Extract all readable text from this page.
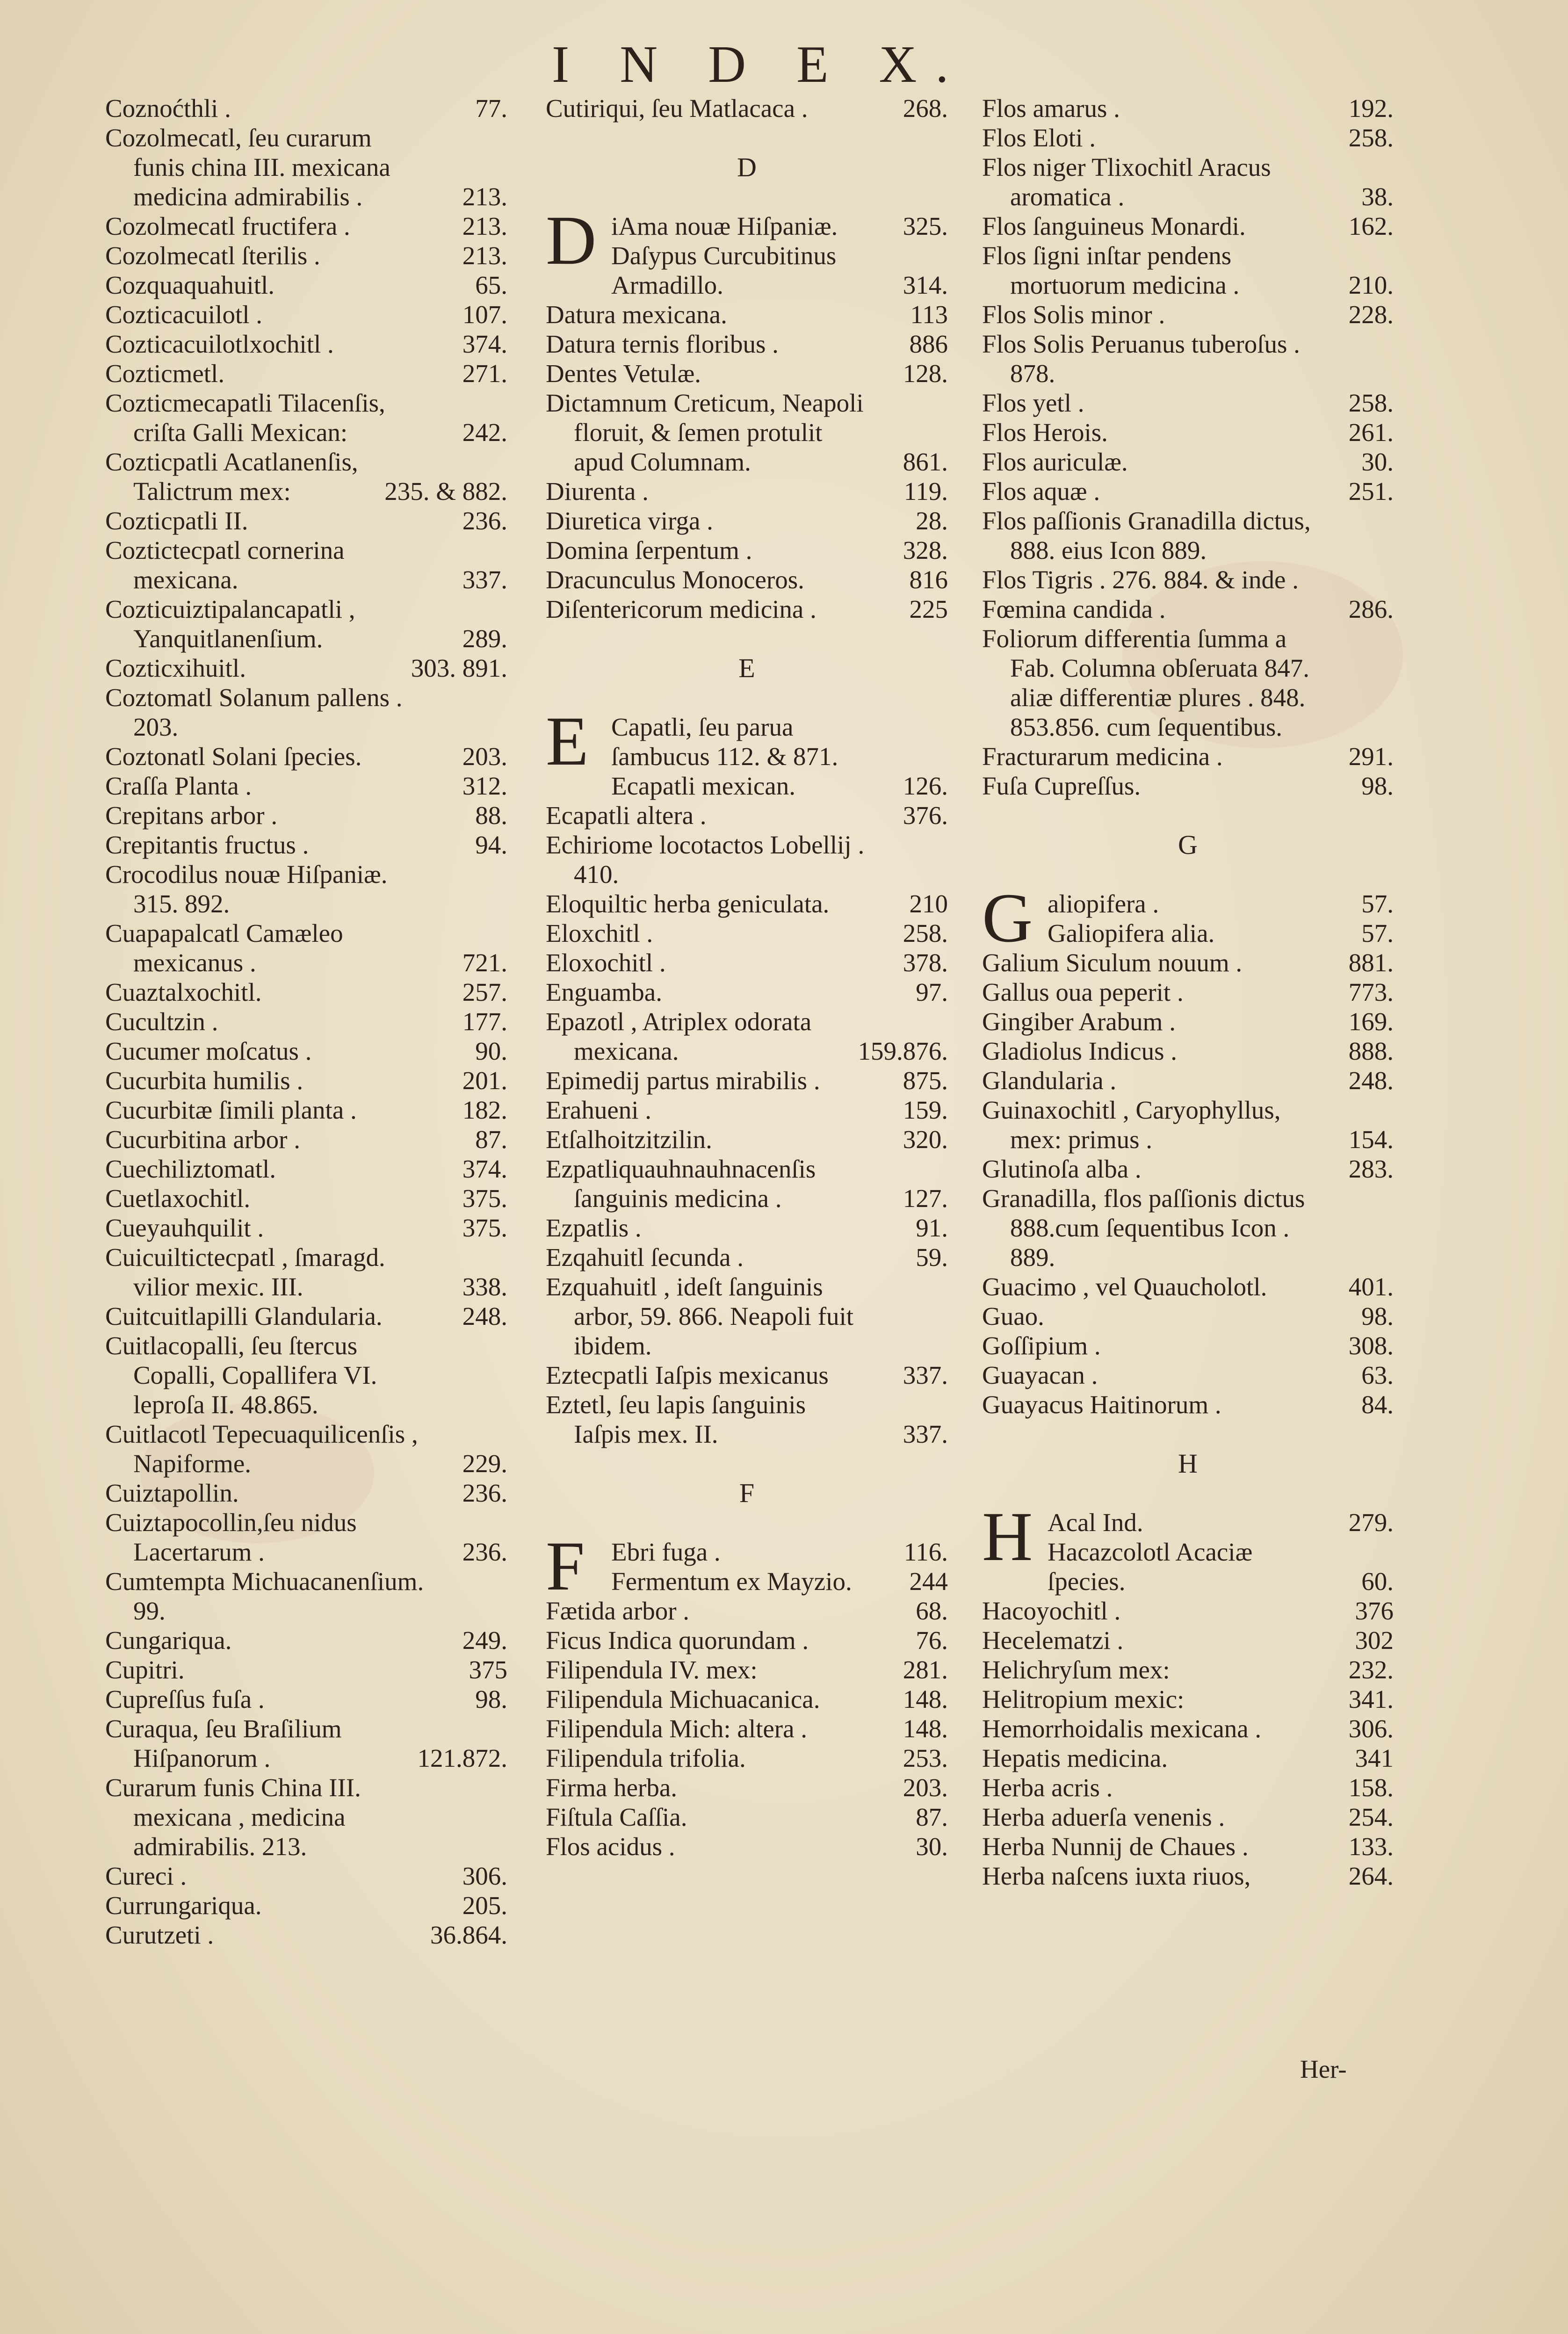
I N D E X.
Coznoćthli .	77.
Cozolmecatl, ſeu curarum funis china III. mexicana medicina admirabilis .	213.
Cozolmecatl fructifera .	213.
Cozolmecatl ſterilis .	213.
Cozquaquahuitl.	65.
Cozticacuilotl .	107.
Cozticacuilotlxochitl .	374.
Cozticmetl.	271.
Cozticmecapatli Tilacenſis, criſta Galli Mexican:	242.
Cozticpatli Acatlanenſis, Talictrum mex:	235. & 882.
Cozticpatli II.	236.
Coztictecpatl cornerina mexicana.	337.
Cozticuiztipalancapatli , Yanquitlanenſium.	289.
Cozticxihuitl.	303. 891.
Coztomatl Solanum pallens . 203.
Coztonatl Solani ſpecies.	203.
Craſſa Planta .	312.
Crepitans arbor .	88.
Crepitantis fructus .	94.
Crocodilus nouæ Hiſpaniæ. 315. 892.
Cuapapalcatl Camæleo mexicanus .	721.
Cuaztalxochitl.	257.
Cucultzin .	177.
Cucumer moſcatus .	90.
Cucurbita humilis .	201.
Cucurbitæ ſimili planta .	182.
Cucurbitina arbor .	87.
Cuechiliztomatl.	374.
Cuetlaxochitl.	375.
Cueyauhquilit .	375.
Cuicuiltictecpatl , ſmaragd. vilior mexic. III.	338.
Cuitcuitlapilli Glandularia.	248.
Cuitlacopalli, ſeu ſtercus Copalli, Copallifera VI. leproſa II. 48.865.
Cuitlacotl Tepecuaquilicenſis , Napiforme.	229.
Cuiztapollin.	236.
Cuiztapocollin,ſeu nidus Lacertarum .	236.
Cumtempta Michuacanenſium. 99.
Cungariqua.	249.
Cupitri.	375
Cupreſſus fuſa .	98.
Curaqua, ſeu Braſilium Hiſpanorum .	121.872.
Curarum funis China III. mexicana , medicina admirabilis. 213.
Cureci .	306.
Currungariqua.	205.
Curutzeti .	36.864.
Cutiriqui, ſeu Matlacaca .	268.
D
D iAma nouæ Hiſpaniæ.	325.
Daſypus Curcubitinus Armadillo.	314.
Datura mexicana.	113
Datura ternis floribus .	886
Dentes Vetulæ.	128.
Dictamnum Creticum, Neapoli floruit, & ſemen protulit apud Columnam.	861.
Diurenta .	119.
Diuretica virga .	28.
Domina ſerpentum .	328.
Dracunculus Monoceros.	816
Diſentericorum medicina .	225
E
E Capatli, ſeu parua ſambucus 112. & 871.
Ecapatli mexican.	126.
Ecapatli altera .	376.
Echiriome locotactos Lobellij . 410.
Eloquiltic herba geniculata.	210
Eloxchitl .	258.
Eloxochitl .	378.
Enguamba.	97.
Epazotl , Atriplex odorata mexicana.	159.876.
Epimedij partus mirabilis .	875.
Erahueni .	159.
Etſalhoitzitzilin.	320.
Ezpatliquauhnauhnacenſis ſanguinis medicina .	127.
Ezpatlis .	91.
Ezqahuitl ſecunda .	59.
Ezquahuitl , ideſt ſanguinis arbor, 59. 866. Neapoli fuit ibidem.
Eztecpatli Iaſpis mexicanus	337.
Eztetl, ſeu lapis ſanguinis Iaſpis mex. II.	337.
F
F	Ebri fuga .	116.
Fermentum ex Mayzio. 244
Fætida arbor .	68.
Ficus Indica quorundam .	76.
Filipendula IV. mex:	281.
Filipendula Michuacanica.	148.
Filipendula Mich: altera .	148.
Filipendula trifolia.	253.
Firma herba.	203.
Fiſtula Caſſia.	87.
Flos acidus .	30.
Flos amarus .	192.
Flos Eloti .	258.
Flos niger Tlixochitl Aracus aromatica .	38.
Flos ſanguineus Monardi.	162.
Flos ſigni inſtar pendens mortuorum medicina .	210.
Flos Solis minor .	228.
Flos Solis Peruanus tuberoſus . 878.
Flos yetl .	258.
Flos Herois.	261.
Flos auriculæ.	30.
Flos aquæ .	251.
Flos paſſionis Granadilla dictus, 888. eius Icon 889.
Flos Tigris . 276. 884. & inde .
Fœmina candida .	286.
Foliorum differentia ſumma a Fab. Columna obſeruata 847. aliæ differentiæ plures . 848. 853.856. cum ſequentibus.
Fracturarum medicina .	291.
Fuſa Cupreſſus.	98.
G
G aliopifera .	57.
Galiopifera alia.	57.
Galium Siculum nouum .	881.
Gallus oua peperit .	773.
Gingiber Arabum .	169.
Gladiolus Indicus .	888.
Glandularia .	248.
Guinaxochitl , Caryophyllus, mex: primus .	154.
Glutinoſa alba .	283.
Granadilla, flos paſſionis dictus 888.cum ſequentibus Icon . 889.
Guacimo , vel Quaucholotl.	401.
Guao.	98.
Goſſipium .	308.
Guayacan .	63.
Guayacus Haitinorum .	84.
H
H Acal Ind.	279.
Hacazcolotl Acaciæ ſpecies.	60.
Hacoyochitl .	376
Hecelematzi .	302
Helichryſum mex:	232.
Helitropium mexic:	341.
Hemorrhoidalis mexicana .	306.
Hepatis medicina.	341
Herba acris .	158.
Herba aduerſa venenis .	254.
Herba Nunnij de Chaues .	133.
Herba naſcens iuxta riuos,	264.
Her-
